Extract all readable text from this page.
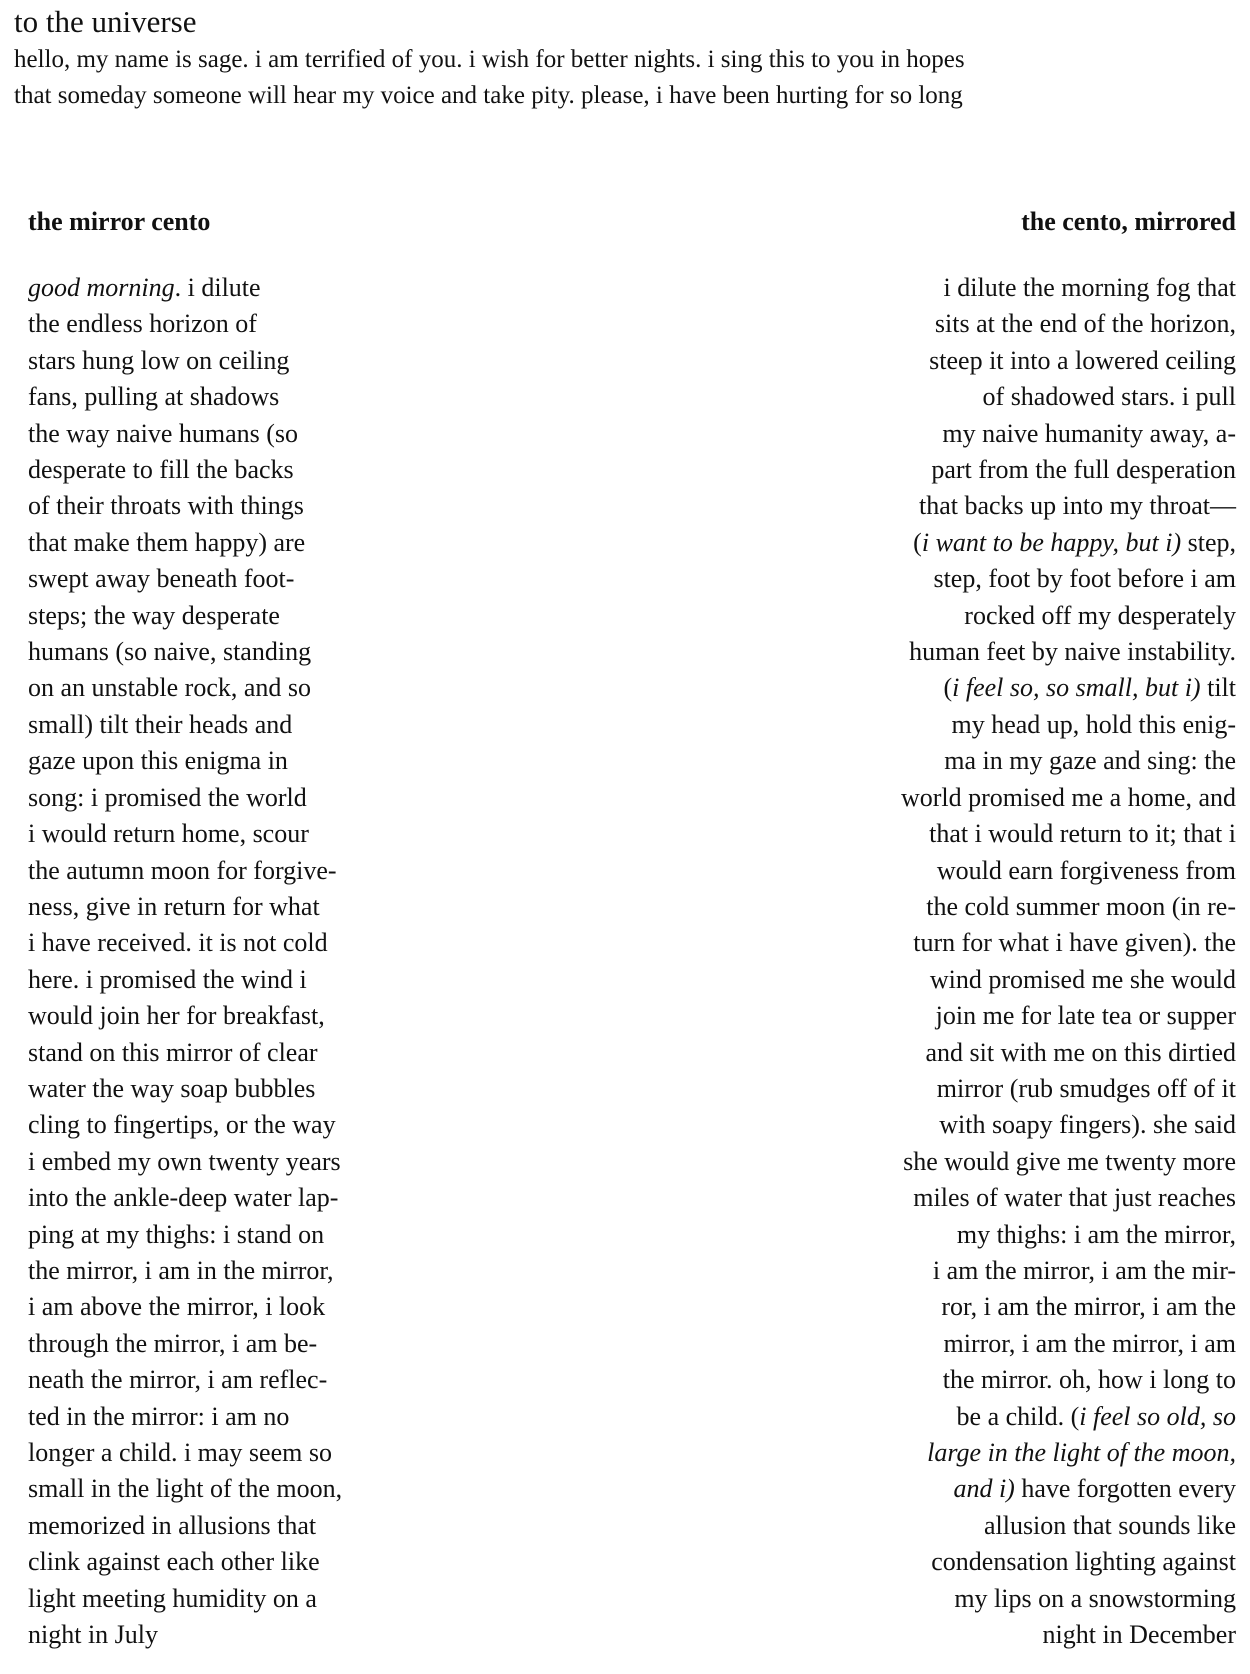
to the universe

hello, my name is sage. i am terrified of you. i wish for better nights. i sing this to you in hopes

that someday someone will hear my voice and take pity. please, i have been hurting for so long

the mirror cento
good morning. i dilute
the endless horizon of
stars hung low on ceiling
fans, pulling at shadows
the way naive humans (so
desperate to fill the backs
of their throats with things
that make them happy) are
swept away beneath foot-
steps; the way desperate
humans (so naive, standing
on an unstable rock, and so
small) tilt their heads and
gaze upon this enigma in
song: i promised the world
i would return home, scour
the autumn moon for forgive-
ness, give in return for what
i have received. it is not cold
here. i promised the wind i
would join her for breakfast,
stand on this mirror of clear
water the way soap bubbles
cling to fingertips, or the way
i embed my own twenty years
into the ankle-deep water lap-
ping at my thighs: i stand on
the mirror, i am in the mirror,
i am above the mirror, i look
through the mirror, i am be-
neath the mirror, i am reflec-
ted in the mirror: i am no
longer a child. i may seem so
small in the light of the moon,
memorized in allusions that
clink against each other like
light meeting humidity on a
night in July
the cento, mirrored
i dilute the morning fog that
sits at the end of the horizon,
steep it into a lowered ceiling
of shadowed stars. i pull
my naive humanity away, a-
part from the full desperation
that backs up into my throat—
(i want to be happy, but i) step,
step, foot by foot before i am
rocked off my desperately
human feet by naive instability.
(i feel so, so small, but i) tilt
my head up, hold this enig-
ma in my gaze and sing: the
world promised me a home, and
that i would return to it; that i
would earn forgiveness from
the cold summer moon (in re-
turn for what i have given). the
wind promised me she would
join me for late tea or supper
and sit with me on this dirtied
mirror (rub smudges off of it
with soapy fingers). she said
she would give me twenty more
miles of water that just reaches
my thighs: i am the mirror,
i am the mirror, i am the mir-
ror, i am the mirror, i am the
mirror, i am the mirror, i am
the mirror. oh, how i long to
be a child. (i feel so old, so
large in the light of the moon,
and i) have forgotten every
allusion that sounds like
condensation lighting against
my lips on a snowstorming
night in December
